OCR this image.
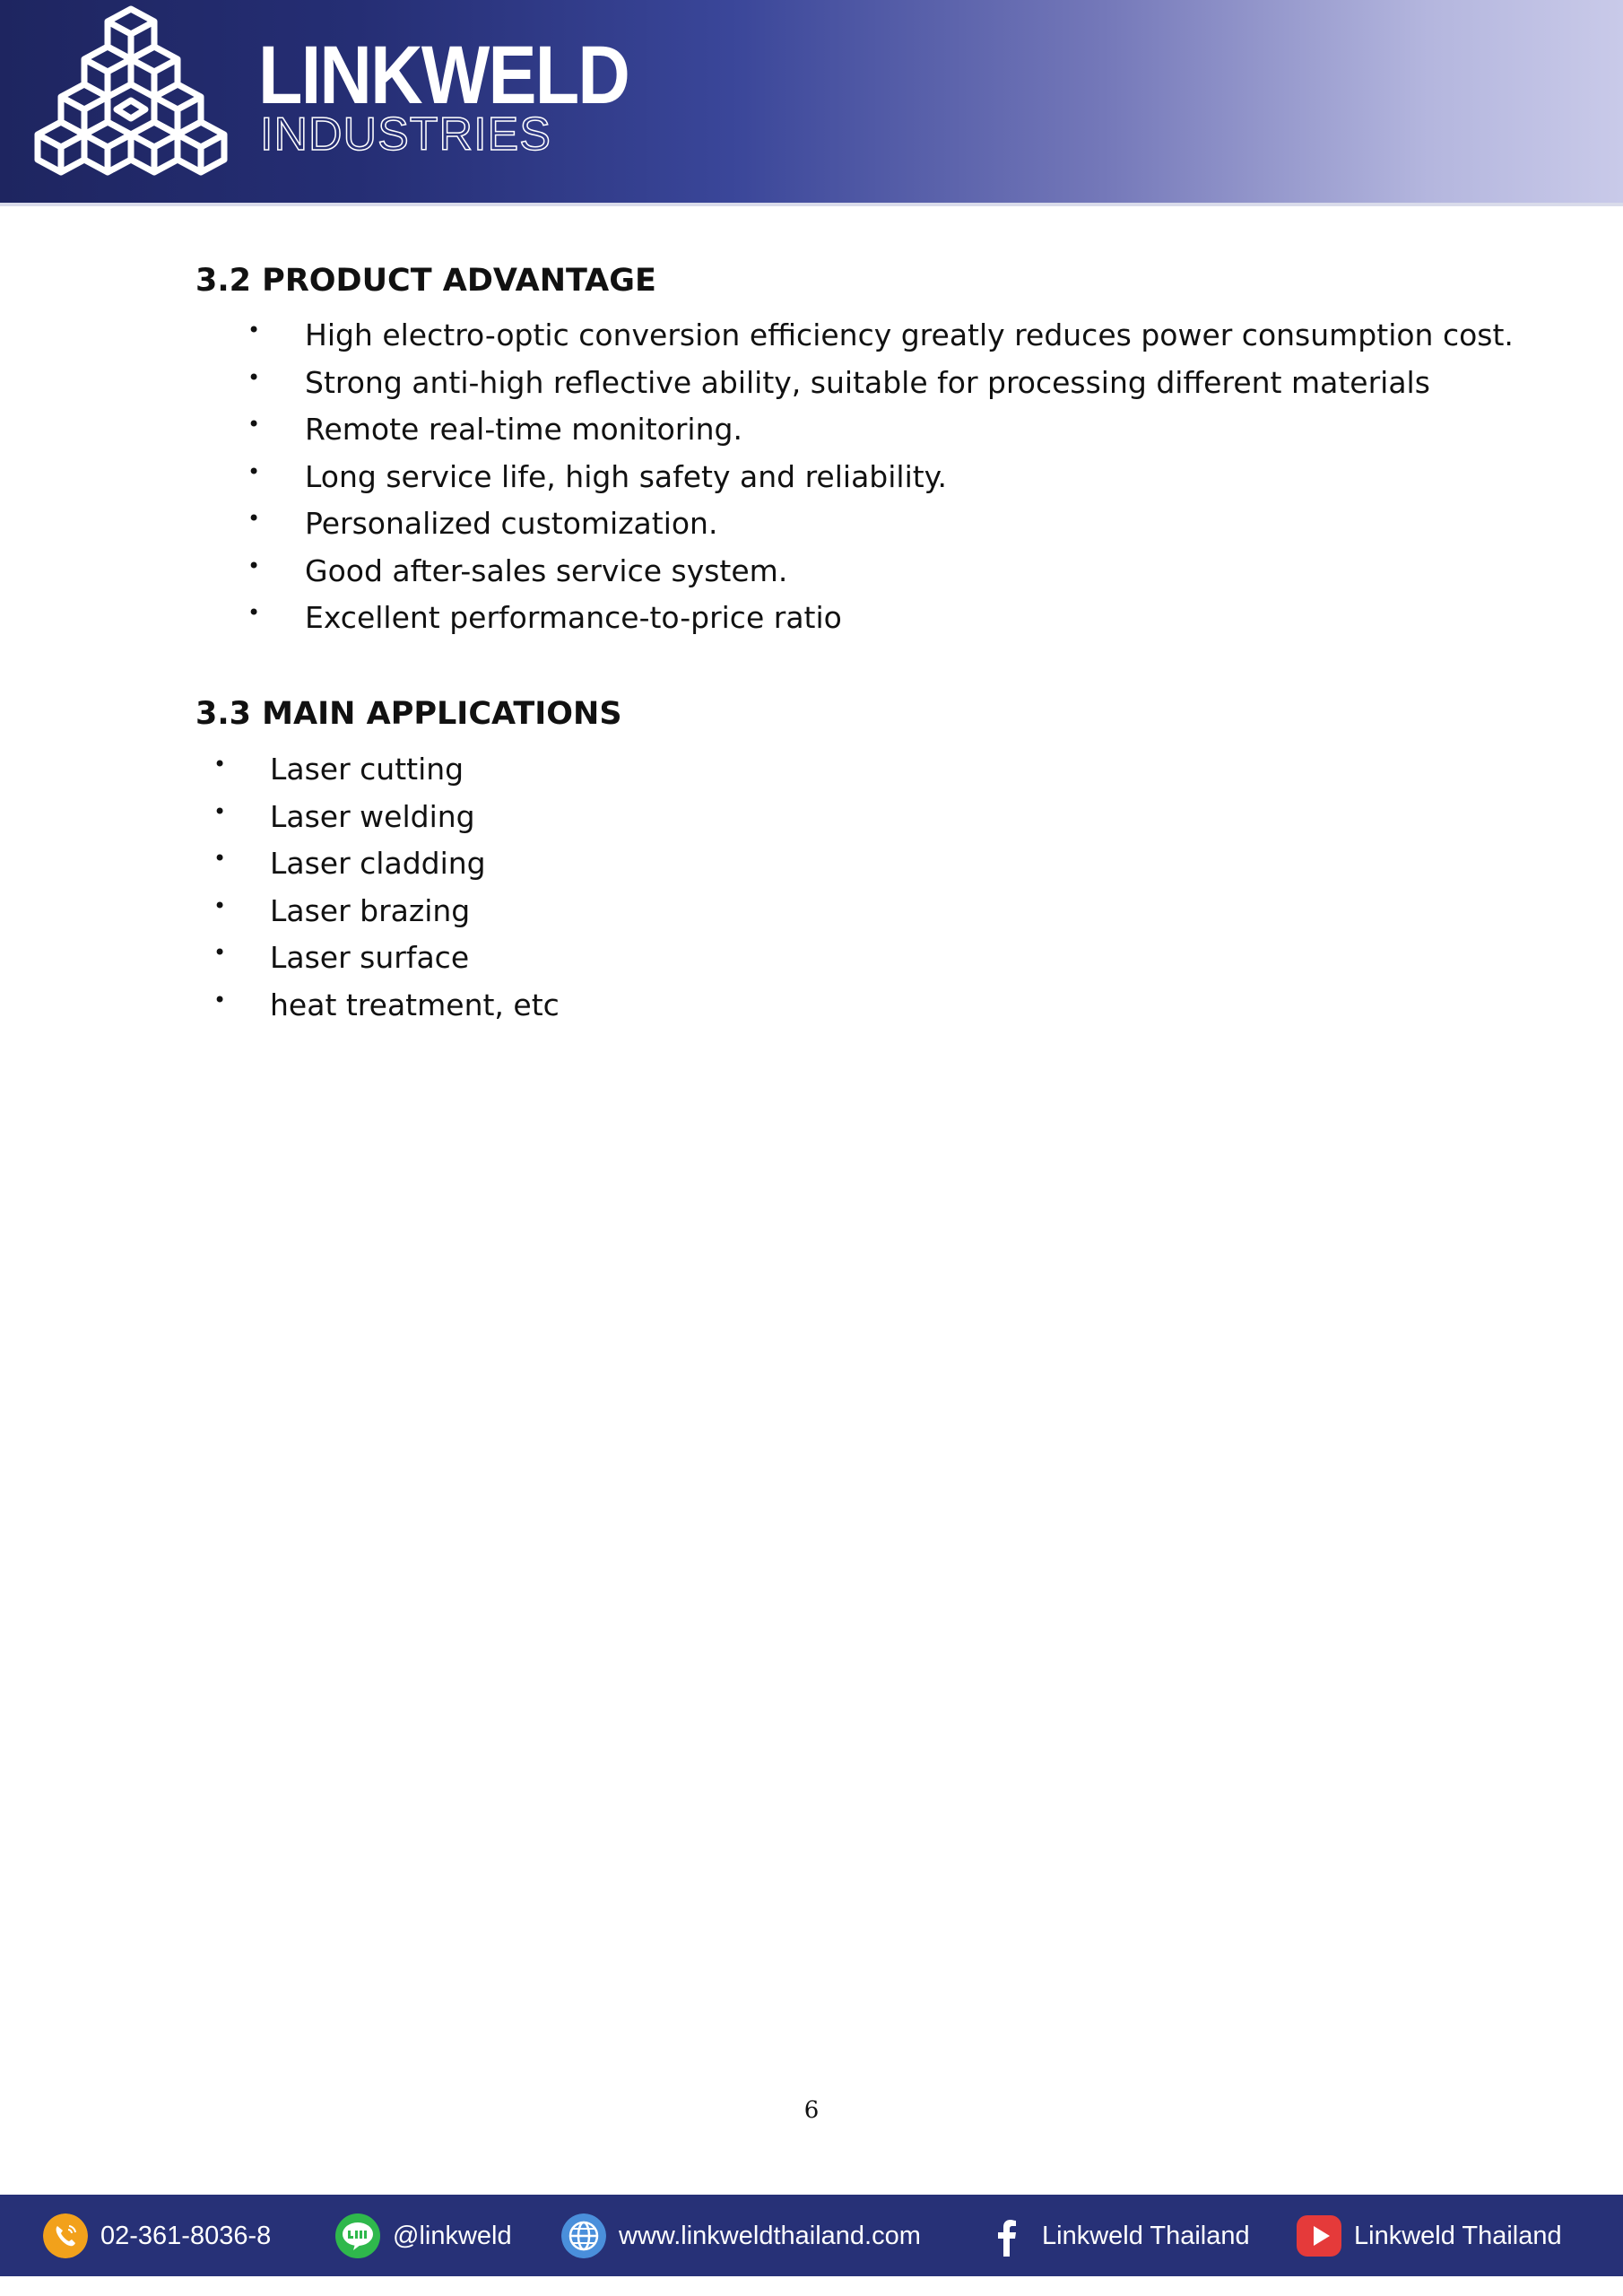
LINKWELD
INDUSTRIES
3.2 PRODUCT ADVANTAGE
• High electro-optic conversion efficiency greatly reduces power consumption cost.
• Strong anti-high reflective ability, suitable for processing different materials
• Remote real-time monitoring.
• Long service life, high safety and reliability.
• Personalized customization.
• Good after-sales service system.
• Excellent performance-to-price ratio
3.3 MAIN APPLICATIONS
• Laser cutting
• Laser welding
• Laser cladding
• Laser brazing
• Laser surface
• heat treatment, etc
6
02-361-8036-8	@linkweld	www.linkweldthailand.com	Linkweld Thailand	Linkweld Thailand
